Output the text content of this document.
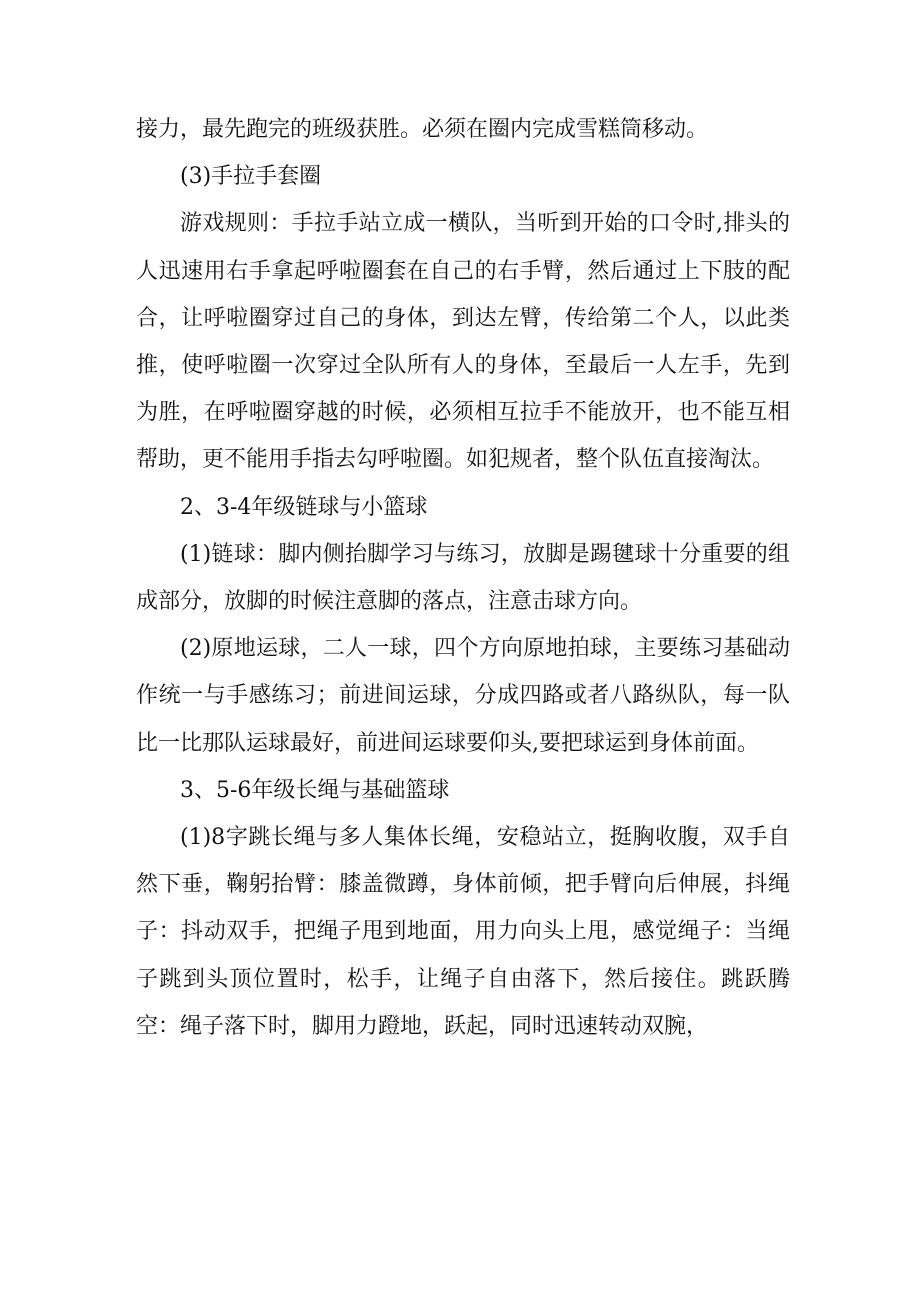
接力，最先跑完的班级获胜。必须在圈内完成雪糕筒移动。

(3)手拉手套圈

游戏规则：手拉手站立成一横队，当听到开始的口令时,排头的人迅速用右手拿起呼啦圈套在自己的右手臂，然后通过上下肢的配合，让呼啦圈穿过自己的身体，到达左臂，传给第二个人，以此类推，使呼啦圈一次穿过全队所有人的身体，至最后一人左手，先到为胜，在呼啦圈穿越的时候，必须相互拉手不能放开，也不能互相帮助，更不能用手指去勾呼啦圈。如犯规者，整个队伍直接淘汰。

2、3-4年级链球与小篮球

(1)链球：脚内侧抬脚学习与练习，放脚是踢毽球十分重要的组成部分，放脚的时候注意脚的落点，注意击球方向。

(2)原地运球，二人一球，四个方向原地拍球，主要练习基础动作统一与手感练习；前进间运球，分成四路或者八路纵队，每一队比一比那队运球最好，前进间运球要仰头,要把球运到身体前面。

3、5-6年级长绳与基础篮球

(1)8字跳长绳与多人集体长绳，安稳站立，挺胸收腹，双手自然下垂，鞠躬抬臂：膝盖微蹲，身体前倾，把手臂向后伸展，抖绳子：抖动双手，把绳子甩到地面，用力向头上甩，感觉绳子：当绳子跳到头顶位置时，松手，让绳子自由落下，然后接住。跳跃腾空：绳子落下时，脚用力蹬地，跃起，同时迅速转动双腕，
